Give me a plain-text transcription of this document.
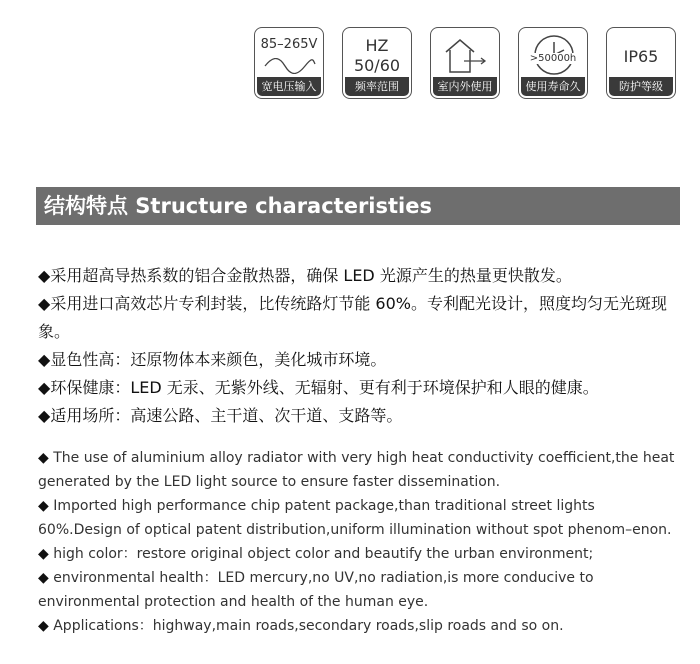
85–265V
宽电压输入
HZ
50/60
频率范围	室内外使用
>50000h
使用寿命久
IP65
防护等级
结构特点 Structure characteristies
◆采用超高导热系数的铝合金散热器，确保 LED 光源产生的热量更快散发。
◆采用进口高效芯片专利封装，比传统路灯节能 60%。专利配光设计，照度均匀无光斑现象。
◆显色性高：还原物体本来颜色，美化城市环境。
◆环保健康：LED 无汞、无紫外线、无辐射、更有利于环境保护和人眼的健康。
◆适用场所：高速公路、主干道、次干道、支路等。
◆ The use of aluminium alloy radiator with very high heat conductivity coefficient,the heat generated by the LED light source to ensure faster dissemination.
◆ Imported high performance chip patent package,than traditional street lights 60%.Design of optical patent distribution,uniform illumination without spot phenom–enon.
◆ high color：restore original object color and beautify the urban environment;
◆ environmental health：LED mercury,no UV,no radiation,is more conducive to environmental protection and health of the human eye.
◆ Applications：highway,main roads,secondary roads,slip roads and so on.
